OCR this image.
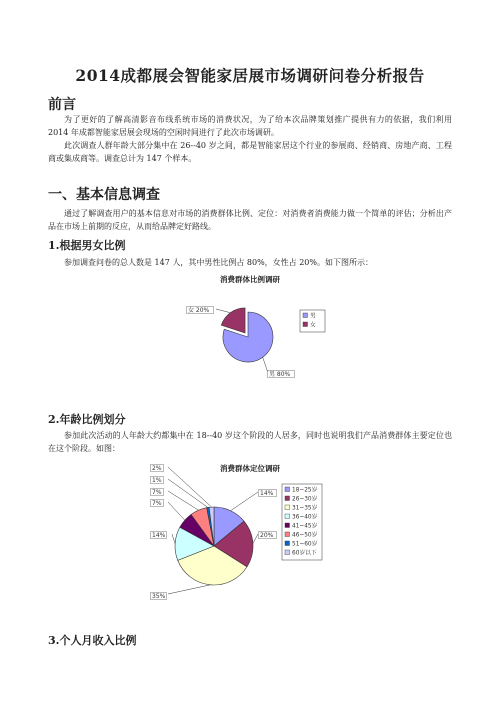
2014成都展会智能家居展市场调研问卷分析报告
前言
为了更好的了解高清影音布线系统市场的消费状况，为了给本次品牌策划推广提供有力的依据，我们利用 2014 年成都智能家居展会现场的空闲时间进行了此次市场调研。
此次调查人群年龄大部分集中在 26--40 岁之间，都是智能家居这个行业的参展商、经销商、房地产商、工程商或集成商等。调查总计为 147 个样本。
一、基本信息调查
通过了解调查用户的基本信息对市场的消费群体比例、定位：对消费者消费能力做一个简单的评估；分析出产品在市场上前期的反应，从而给品牌定好路线。
1.根据男女比例
参加调查问卷的总人数是 147 人，其中男性比例占 80%，女性占 20%。如下图所示：
消费群体比例调研
男 80%
女 20%
男
女
2.年龄比例划分
参加此次活动的人年龄大约都集中在 18--40 岁这个阶段的人居多，同时也说明我们产品消费群体主要定位也在这个阶段。如图：
消费群体定位调研
14%
20%
35%
14%
7%
7%
1%
2%
18~25岁
26~30岁
31~35岁
36~40岁
41~45岁
46~50岁
51~60岁
60岁以下
3.个人月收入比例
